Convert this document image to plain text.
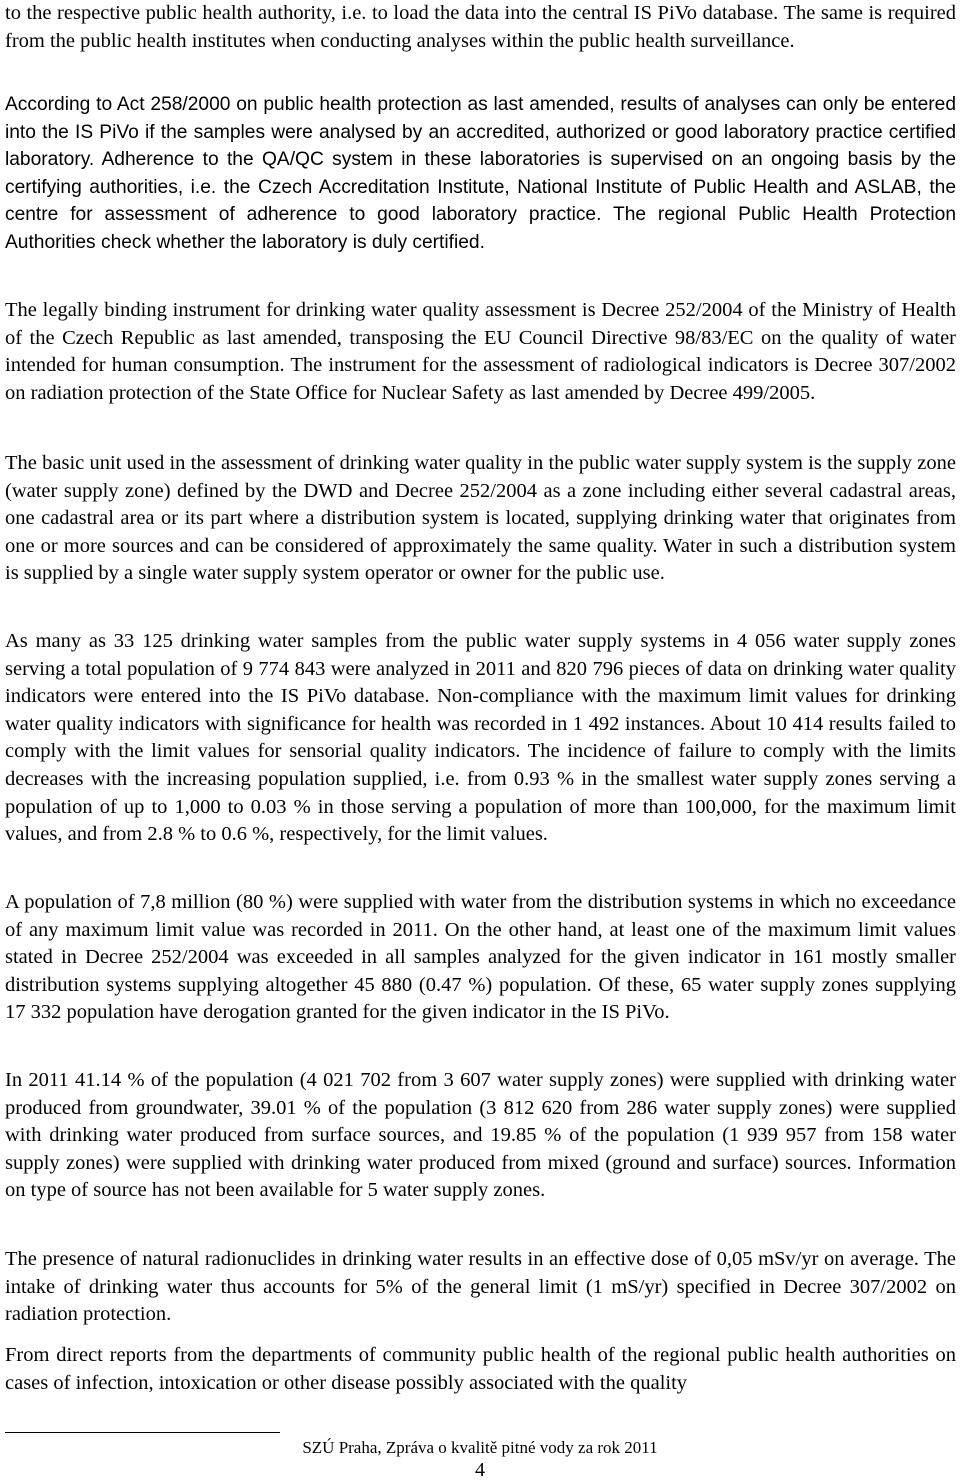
to the respective public health authority, i.e. to load the data into the central IS PiVo database. The same is required from the public health institutes when conducting analyses within the public health surveillance.

According to Act 258/2000 on public health protection as last amended, results of analyses can only be entered into the IS PiVo if the samples were analysed by an accredited, authorized or good laboratory practice certified laboratory. Adherence to the QA/QC system in these laboratories is supervised on an ongoing basis by the certifying authorities, i.e. the Czech Accreditation Institute, National Institute of Public Health and ASLAB, the centre for assessment of adherence to good laboratory practice. The regional Public Health Protection Authorities check whether the laboratory is duly certified.

The legally binding instrument for drinking water quality assessment is Decree 252/2004 of the Ministry of Health of the Czech Republic as last amended, transposing the EU Council Directive 98/83/EC on the quality of water intended for human consumption. The instrument for the assessment of radiological indicators is Decree 307/2002 on radiation protection of the State Office for Nuclear Safety as last amended by Decree 499/2005.

The basic unit used in the assessment of drinking water quality in the public water supply system is the supply zone (water supply zone) defined by the DWD and Decree 252/2004 as a zone including either several cadastral areas, one cadastral area or its part where a distribution system is located, supplying drinking water that originates from one or more sources and can be considered of approximately the same quality. Water in such a distribution system is supplied by a single water supply system operator or owner for the public use.

As many as 33 125 drinking water samples from the public water supply systems in 4 056 water supply zones serving a total population of 9 774 843 were analyzed in 2011 and 820 796 pieces of data on drinking water quality indicators were entered into the IS PiVo database. Non-compliance with the maximum limit values for drinking water quality indicators with significance for health was recorded in 1 492 instances. About 10 414 results failed to comply with the limit values for sensorial quality indicators. The incidence of failure to comply with the limits decreases with the increasing population supplied, i.e. from 0.93 % in the smallest water supply zones serving a population of up to 1,000 to 0.03 % in those serving a population of more than 100,000, for the maximum limit values, and from 2.8 % to 0.6 %, respectively, for the limit values.

A population of 7,8 million (80 %) were supplied with water from the distribution systems in which no exceedance of any maximum limit value was recorded in 2011. On the other hand, at least one of the maximum limit values stated in Decree 252/2004 was exceeded in all samples analyzed for the given indicator in 161 mostly smaller distribution systems supplying altogether 45 880 (0.47 %) population. Of these, 65 water supply zones supplying 17 332 population have derogation granted for the given indicator in the IS PiVo.

In 2011 41.14 % of the population (4 021 702 from 3 607 water supply zones) were supplied with drinking water produced from groundwater, 39.01 % of the population (3 812 620 from 286 water supply zones) were supplied with drinking water produced from surface sources, and 19.85 % of the population (1 939 957 from 158 water supply zones) were supplied with drinking water produced from mixed (ground and surface) sources. Information on type of source has not been available for 5 water supply zones.

The presence of natural radionuclides in drinking water results in an effective dose of 0,05 mSv/yr on average. The intake of drinking water thus accounts for 5% of the general limit (1 mS/yr) specified in Decree 307/2002 on radiation protection.

From direct reports from the departments of community public health of the regional public health authorities on cases of infection, intoxication or other disease possibly associated with the quality

SZÚ Praha, Zpráva o kvalitě pitné vody za rok 2011
4
